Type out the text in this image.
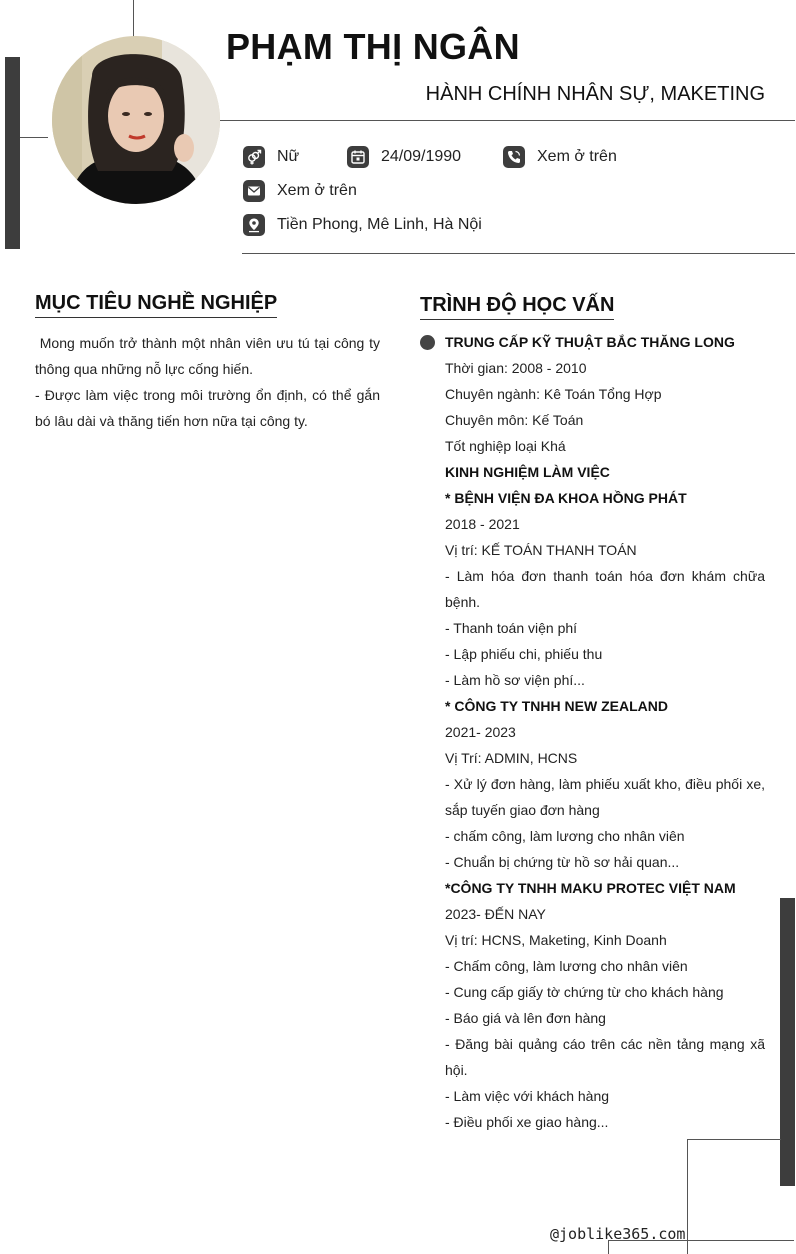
PHẠM THỊ NGÂN
HÀNH CHÍNH NHÂN SỰ, MAKETING
Nữ	24/09/1990	Xem ở trên
Xem ở trên
Tiền Phong, Mê Linh, Hà Nội
MỤC TIÊU NGHỀ NGHIỆP

Mong muốn trở thành một nhân viên ưu tú tại công ty thông qua những nỗ lực cống hiến.

- Được làm việc trong môi trường ổn định, có thể gắn bó lâu dài và thăng tiến hơn nữa tại công ty.

TRÌNH ĐỘ HỌC VẤN
TRUNG CẤP KỸ THUẬT BẮC THĂNG LONG
Thời gian: 2008 - 2010
Chuyên ngành: Kê Toán Tổng Hợp
Chuyên môn: Kế Toán
Tốt nghiệp loại Khá
KINH NGHIỆM LÀM VIỆC
* BỆNH VIỆN ĐA KHOA HỒNG PHÁT
2018 - 2021
Vị trí: KẾ TOÁN THANH TOÁN
- Làm hóa đơn thanh toán hóa đơn khám chữa bệnh.
- Thanh toán viện phí
- Lập phiếu chi, phiếu thu
- Làm hồ sơ viện phí...
* CÔNG TY TNHH NEW ZEALAND
2021- 2023
Vị Trí: ADMIN, HCNS
- Xử lý đơn hàng, làm phiếu xuất kho, điều phối xe, sắp tuyến giao đơn hàng
- chấm công, làm lương cho nhân viên
- Chuẩn bị chứng từ hồ sơ hải quan...
*CÔNG TY TNHH MAKU PROTEC VIỆT NAM
2023- ĐẾN NAY
Vị trí: HCNS, Maketing, Kinh Doanh
- Chấm công, làm lương cho nhân viên
- Cung cấp giấy tờ chứng từ cho khách hàng
- Báo giá và lên đơn hàng
- Đăng bài quảng cáo trên các nền tảng mạng xã hội.
- Làm việc với khách hàng
- Điều phối xe giao hàng...
@joblike365.com
